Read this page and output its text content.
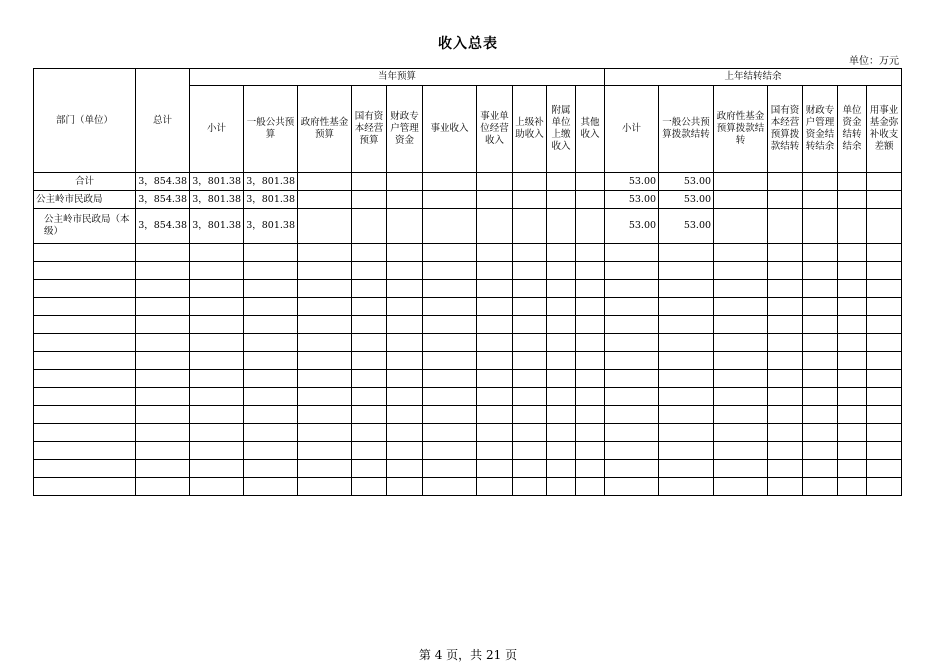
收入总表
单位：万元
部门（单位）	总计	当年预算										上年结转结余						
		小计	一般公共预算	政府性基金预算	国有资本经营预算	财政专户管理资金	事业收入	事业单位经营收入	上级补助收入	附属单位上缴收入	其他收入	小计	一般公共预算拨款结转	政府性基金预算拨款结转	国有资本经营预算拨款结转	财政专户管理资金结转结余	单位资金结转结余	用事业基金弥补收支差额
合计	3，854.38	3，801.38	3，801.38									53.00	53.00					
公主岭市民政局	3，854.38	3，801.38	3，801.38									53.00	53.00					
公主岭市民政局（本级）	3，854.38	3，801.38	3，801.38									53.00	53.00					

第 4 页，共 21 页
